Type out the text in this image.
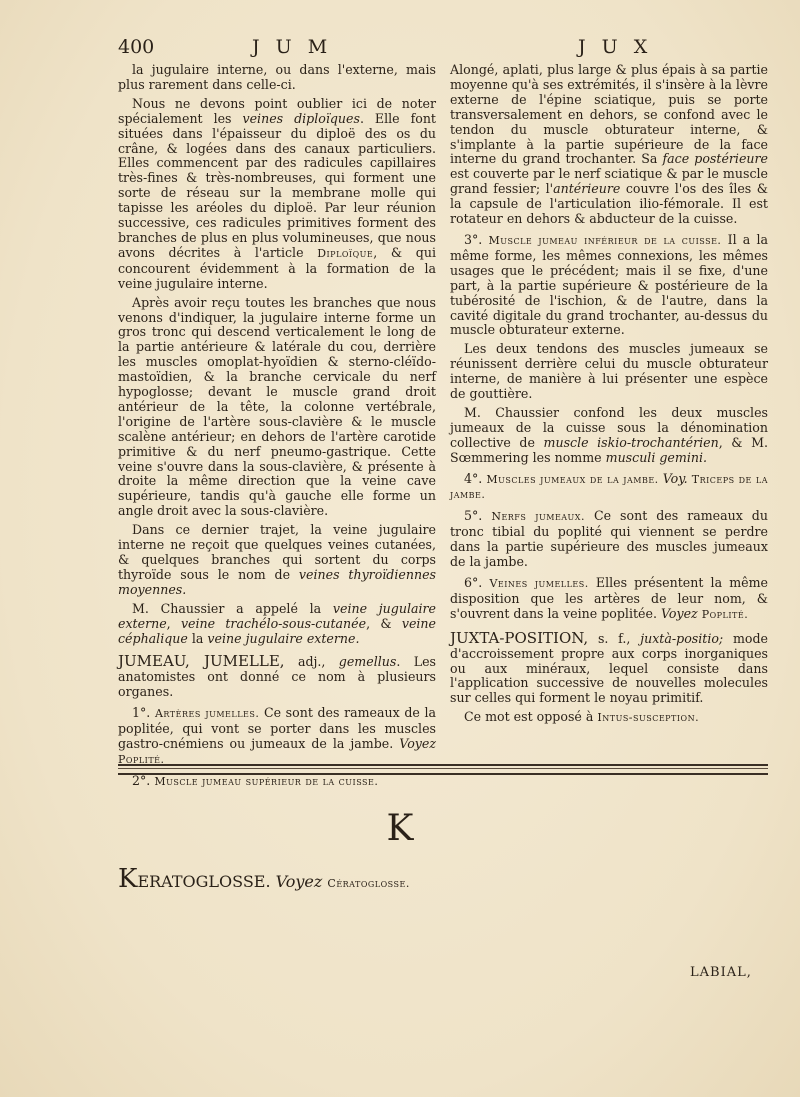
400	J U M	J U X

la jugulaire interne, ou dans l'externe, mais plus rarement dans celle-ci.

Nous ne devons point oublier ici de noter spécialement les veines diploïques. Elle font situées dans l'épaisseur du diploë des os du crâne, & logées dans des canaux particuliers. Elles commencent par des radicules capillaires très-fines & très-nombreuses, qui forment une sorte de réseau sur la membrane molle qui tapisse les aréoles du diploë. Par leur réunion successive, ces radicules primitives forment des branches de plus en plus volumineuses, que nous avons décrites à l'article Diploïque, & qui concourent évidemment à la formation de la veine jugulaire interne.

Après avoir reçu toutes les branches que nous venons d'indiquer, la jugulaire interne forme un gros tronc qui descend verticalement le long de la partie antérieure & latérale du cou, derrière les muscles omoplat-hyoïdien & sterno-cléïdo-mastoïdien, & la branche cervicale du nerf hypoglosse; devant le muscle grand droit antérieur de la tête, la colonne vertébrale, l'origine de l'artère sous-clavière & le muscle scalène antérieur; en dehors de l'artère carotide primitive & du nerf pneumo-gastrique. Cette veine s'ouvre dans la sous-clavière, & présente à droite la même direction que la veine cave supérieure, tandis qu'à gauche elle forme un angle droit avec la sous-clavière.

Dans ce dernier trajet, la veine jugulaire interne ne reçoit que quelques veines cutanées, & quelques branches qui sortent du corps thyroïde sous le nom de veines thyroïdiennes moyennes.

M. Chaussier a appelé la veine jugulaire externe, veine trachélo-sous-cutanée, & veine céphalique la veine jugulaire externe.

JUMEAU, JUMELLE, adj., gemellus. Les anatomistes ont donné ce nom à plusieurs organes.

1°. Artères jumelles. Ce sont des rameaux de la poplitée, qui vont se porter dans les muscles gastro-cnémiens ou jumeaux de la jambe. Voyez Poplité.

2°. Muscle jumeau supérieur de la cuisse.

Alongé, aplati, plus large & plus épais à sa partie moyenne qu'à ses extrémités, il s'insère à la lèvre externe de l'épine sciatique, puis se porte transversalement en dehors, se confond avec le tendon du muscle obturateur interne, & s'implante à la partie supérieure de la face interne du grand trochanter. Sa face postérieure est couverte par le nerf sciatique & par le muscle grand fessier; l'antérieure couvre l'os des îles & la capsule de l'articulation ilio-fémorale. Il est rotateur en dehors & abducteur de la cuisse.

3°. Muscle jumeau inférieur de la cuisse. Il a la même forme, les mêmes connexions, les mêmes usages que le précédent; mais il se fixe, d'une part, à la partie supérieure & postérieure de la tubérosité de l'ischion, & de l'autre, dans la cavité digitale du grand trochanter, au-dessus du muscle obturateur externe.

Les deux tendons des muscles jumeaux se réunissent derrière celui du muscle obturateur interne, de manière à lui présenter une espèce de gouttière.

M. Chaussier confond les deux muscles jumeaux de la cuisse sous la dénomination collective de muscle iskio-trochantérien, & M. Sœmmering les nomme musculi gemini.

4°. Muscles jumeaux de la jambe. Voy. Triceps de la jambe.

5°. Nerfs jumeaux. Ce sont des rameaux du tronc tibial du poplité qui viennent se perdre dans la partie supérieure des muscles jumeaux de la jambe.

6°. Veines jumelles. Elles présentent la même disposition que les artères de leur nom, & s'ouvrent dans la veine poplitée. Voyez Poplité.

JUXTA-POSITION, s. f., juxtà-positio; mode d'accroissement propre aux corps inorganiques ou aux minéraux, lequel consiste dans l'application successive de nouvelles molecules sur celles qui forment le noyau primitif.

Ce mot est opposé à Intus-susception.

K
KERATOGLOSSE. Voyez Cératoglosse.
LABIAL,
